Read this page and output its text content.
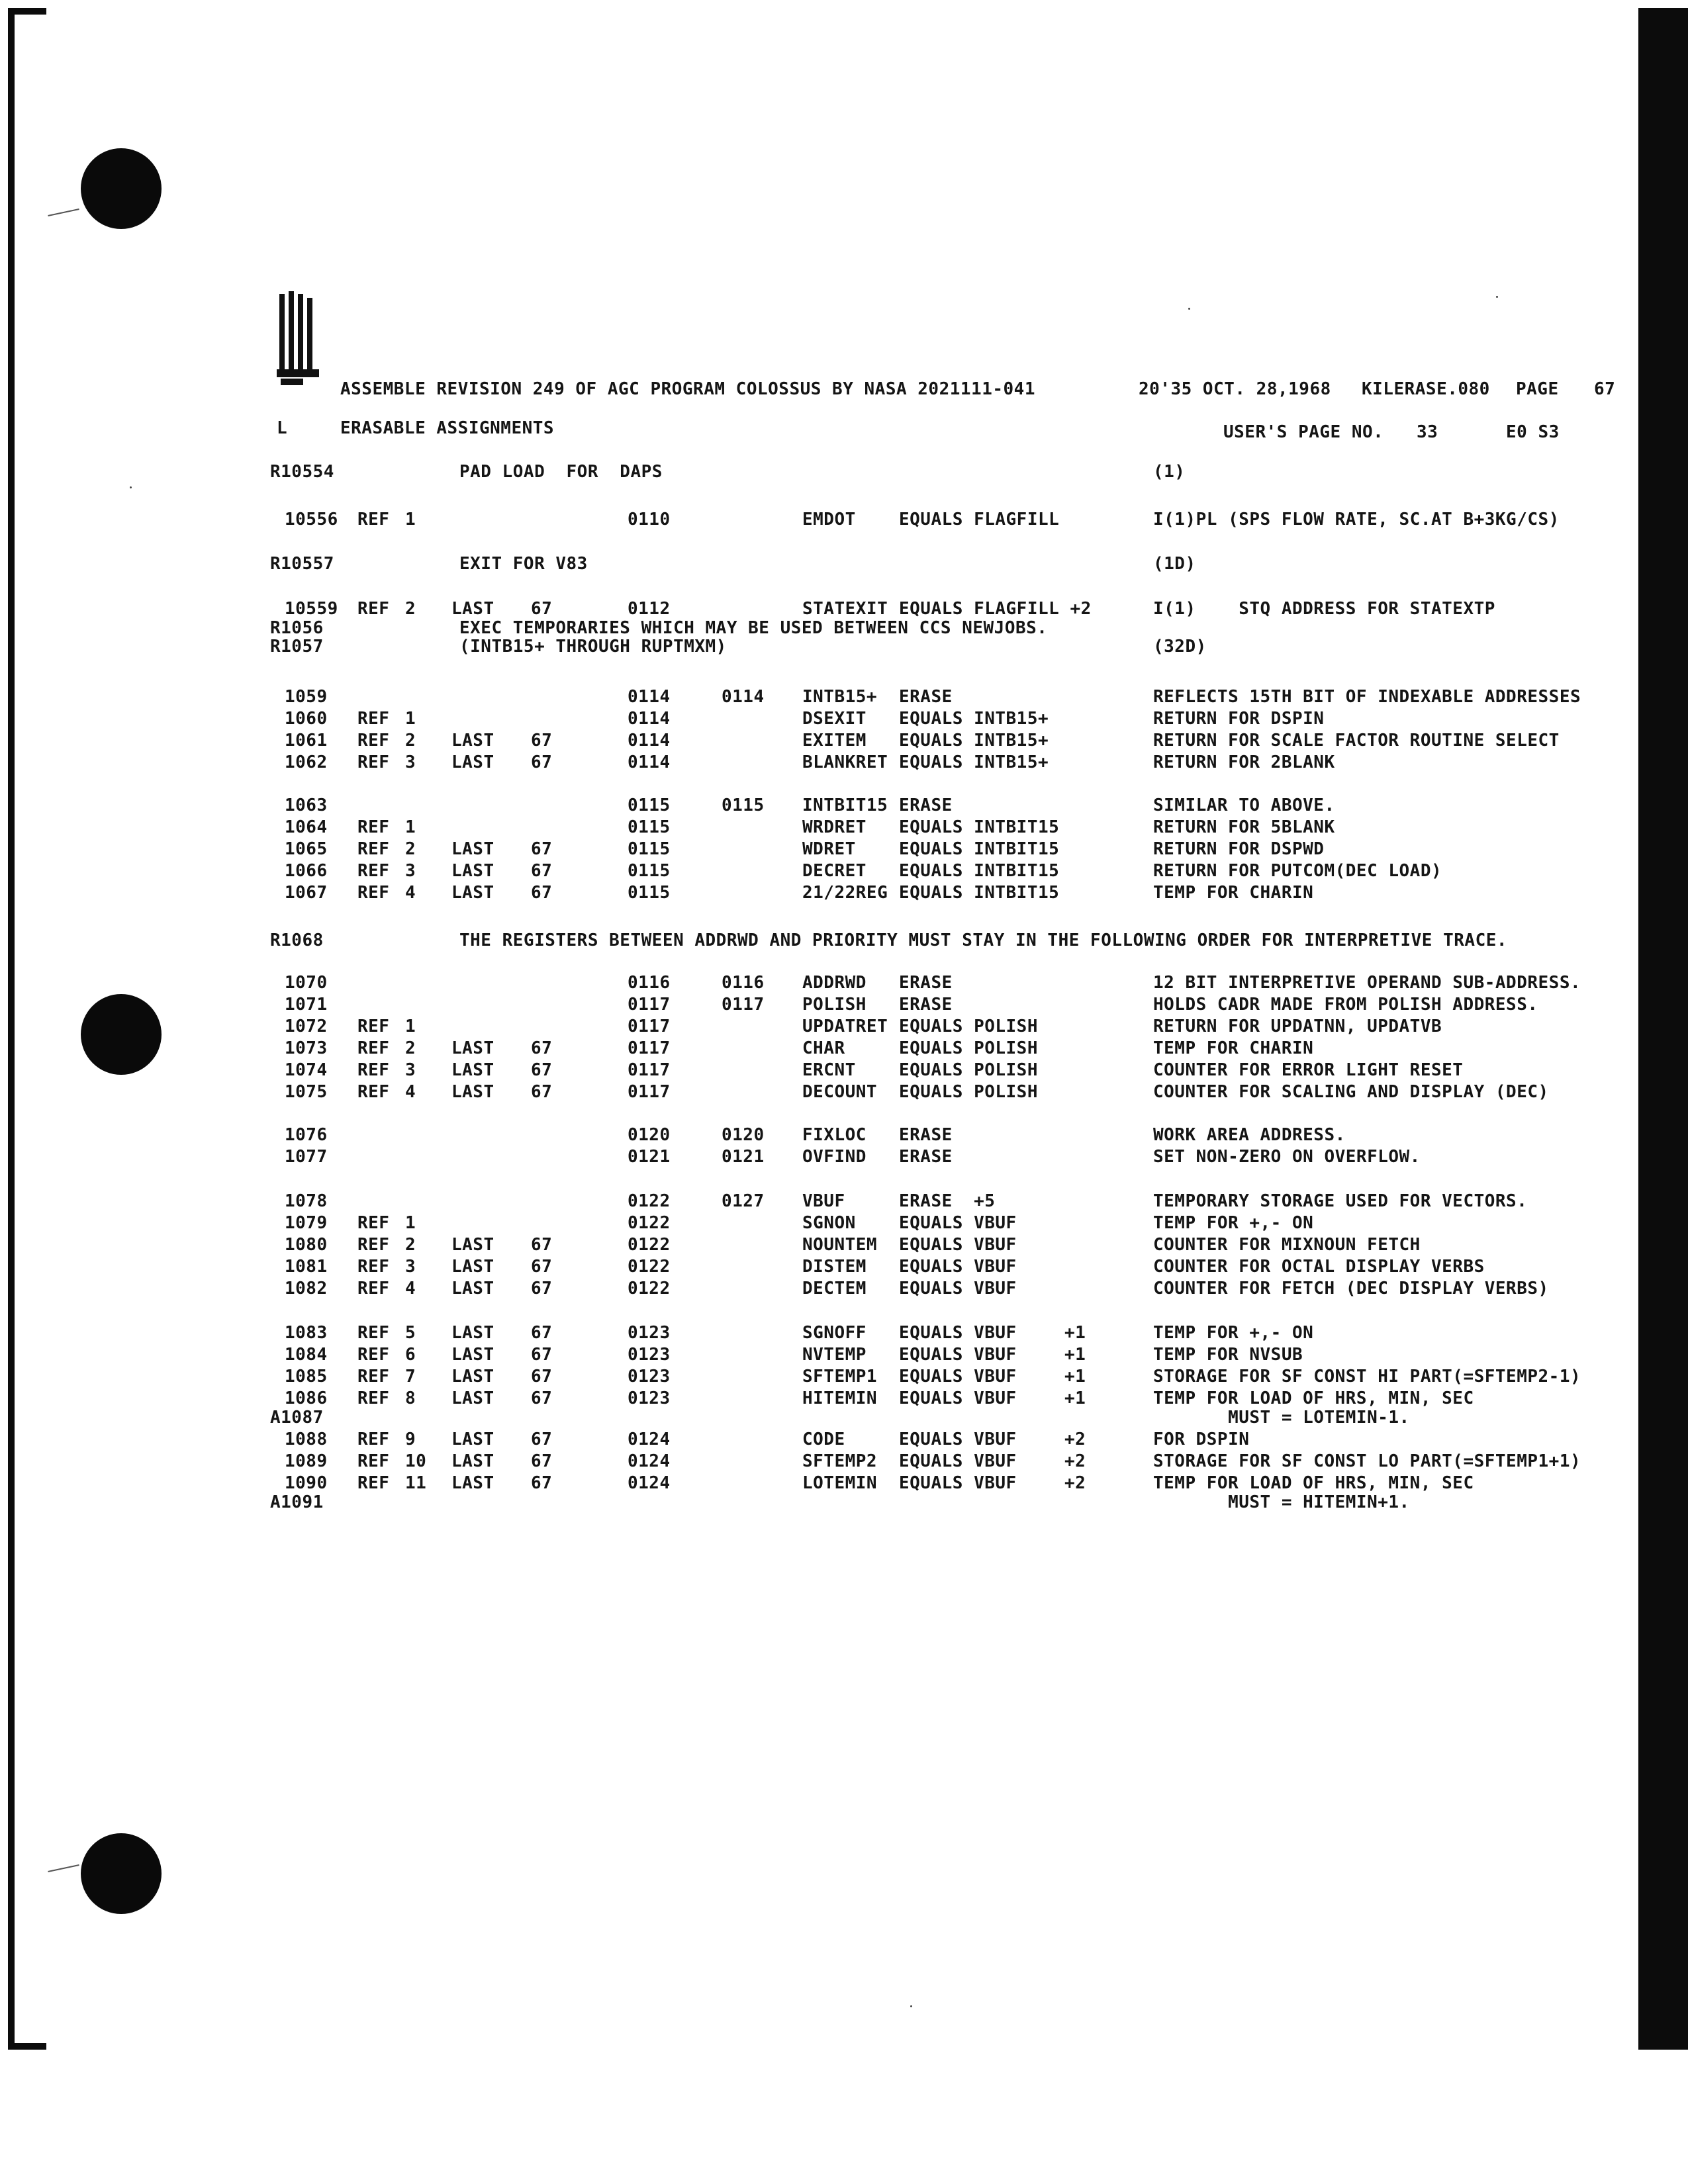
ASSEMBLE REVISION 249 OF AGC PROGRAM COLOSSUS BY NASA 2021111-041	20'35 OCT. 28,1968 KILERASE.080 PAGE 67
L	ERASABLE ASSIGNMENTS	USER'S PAGE NO. 33	E0 S3
R10554	PAD LOAD  FOR  DAPS	(1)
10556 REF 1	0110	EMDOT	EQUALS FLAGFILL	I(1)PL (SPS FLOW RATE, SC.AT B+3KG/CS)
R10557	EXIT FOR V83	(1D)
10559 REF 2 LAST 67	0112	STATEXIT EQUALS FLAGFILL +2	I(1)    STQ ADDRESS FOR STATEXTP
R1056	EXEC TEMPORARIES WHICH MAY BE USED BETWEEN CCS NEWJOBS.
R1057	(INTB15+ THROUGH RUPTMXM)	(32D)
1059	0114	0114 INTB15+ ERASE	REFLECTS 15TH BIT OF INDEXABLE ADDRESSES
1060 REF 1	0114	DSEXIT EQUALS INTB15+	RETURN FOR DSPIN
1061 REF 2 LAST 67	0114	EXITEM EQUALS INTB15+	RETURN FOR SCALE FACTOR ROUTINE SELECT
1062 REF 3 LAST 67	0114	BLANKRET EQUALS INTB15+	RETURN FOR 2BLANK
1063	0115	0115 INTBIT15 ERASE	SIMILAR TO ABOVE.
1064 REF 1	0115	WRDRET EQUALS INTBIT15	RETURN FOR 5BLANK
1065 REF 2 LAST 67	0115	WDRET	EQUALS INTBIT15	RETURN FOR DSPWD
1066 REF 3 LAST 67	0115	DECRET EQUALS INTBIT15	RETURN FOR PUTCOM(DEC LOAD)
1067 REF 4 LAST 67	0115	21/22REG EQUALS INTBIT15	TEMP FOR CHARIN
R1068	THE REGISTERS BETWEEN ADDRWD AND PRIORITY MUST STAY IN THE FOLLOWING ORDER FOR INTERPRETIVE TRACE.
1070	0116	0116 ADDRWD ERASE	12 BIT INTERPRETIVE OPERAND SUB-ADDRESS.
1071	0117	0117 POLISH ERASE	HOLDS CADR MADE FROM POLISH ADDRESS.
1072 REF 1	0117	UPDATRET EQUALS POLISH	RETURN FOR UPDATNN, UPDATVB
1073 REF 2 LAST 67	0117	CHAR	EQUALS POLISH	TEMP FOR CHARIN
1074 REF 3 LAST 67	0117	ERCNT	EQUALS POLISH	COUNTER FOR ERROR LIGHT RESET
1075 REF 4 LAST 67	0117	DECOUNT EQUALS POLISH	COUNTER FOR SCALING AND DISPLAY (DEC)
1076	0120	0120 FIXLOC ERASE	WORK AREA ADDRESS.
1077	0121	0121 OVFIND ERASE	SET NON-ZERO ON OVERFLOW.
1078	0122	0127 VBUF	ERASE  +5	TEMPORARY STORAGE USED FOR VECTORS.
1079 REF 1	0122	SGNON	EQUALS VBUF	TEMP FOR +,- ON
1080 REF 2 LAST 67	0122	NOUNTEM EQUALS VBUF	COUNTER FOR MIXNOUN FETCH
1081 REF 3 LAST 67	0122	DISTEM EQUALS VBUF	COUNTER FOR OCTAL DISPLAY VERBS
1082 REF 4 LAST 67	0122	DECTEM EQUALS VBUF	COUNTER FOR FETCH (DEC DISPLAY VERBS)
1083 REF 5 LAST 67	0123	SGNOFF EQUALS VBUF	+1	TEMP FOR +,- ON
1084 REF 6 LAST 67	0123	NVTEMP EQUALS VBUF	+1	TEMP FOR NVSUB
1085 REF 7 LAST 67	0123	SFTEMP1 EQUALS VBUF	+1	STORAGE FOR SF CONST HI PART(=SFTEMP2-1)
1086 REF 8 LAST 67	0123	HITEMIN EQUALS VBUF	+1	TEMP FOR LOAD OF HRS, MIN, SEC
A1087	MUST = LOTEMIN-1.
1088 REF 9 LAST 67	0124	CODE	EQUALS VBUF	+2	FOR DSPIN
1089 REF 10 LAST 67	0124	SFTEMP2 EQUALS VBUF	+2	STORAGE FOR SF CONST LO PART(=SFTEMP1+1)
1090 REF 11 LAST 67	0124	LOTEMIN EQUALS VBUF	+2	TEMP FOR LOAD OF HRS, MIN, SEC
A1091	MUST = HITEMIN+1.
